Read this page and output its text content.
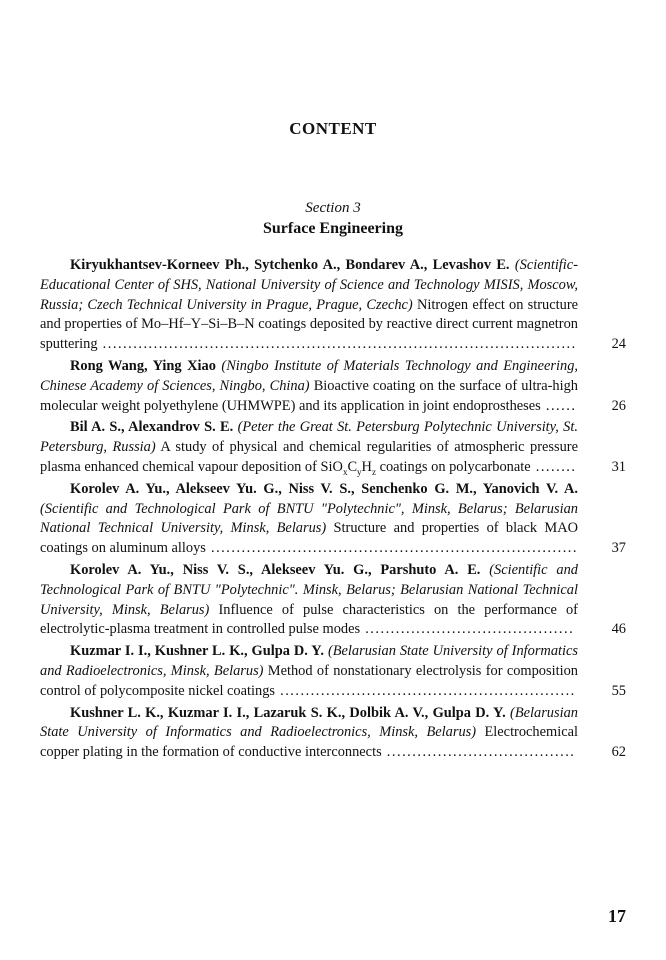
CONTENT
Section 3
Surface Engineering
Kiryukhantsev-Korneev Ph., Sytchenko A., Bondarev A., Levashov E. (Scientific-Educational Center of SHS, National University of Science and Technology MISIS, Moscow, Russia; Czech Technical University in Prague, Prague, Czechc) Nitrogen effect on structure and properties of Mo–Hf–Y–Si–B–N coatings deposited by reactive direct current magnetron sputtering ............................................................................................. 24
Rong Wang, Ying Xiao (Ningbo Institute of Materials Technology and Engineering, Chinese Academy of Sciences, Ningbo, China) Bioactive coating on the surface of ultra-high molecular weight polyethylene (UHMWPE) and its application in joint endoprostheses ...... 26
Bil A. S., Alexandrov S. E. (Peter the Great St. Petersburg Polytechnic University, St. Petersburg, Russia) A study of physical and chemical regularities of atmospheric pressure plasma enhanced chemical vapour deposition of $SiO_xC_yH_z$ coatings on polycarbonate ........ 31
Korolev A. Yu., Alekseev Yu. G., Niss V. S., Senchenko G. M., Yanovich V. A. (Scientific and Technological Park of BNTU "Polytechnic", Minsk, Belarus; Belarusian National Technical University, Minsk, Belarus) Structure and properties of black MAO coatings on aluminum alloys ........................................................................ 37
Korolev A. Yu., Niss V. S., Alekseev Yu. G., Parshuto A. E. (Scientific and Technological Park of BNTU "Polytechnic". Minsk, Belarus; Belarusian National Technical University, Minsk, Belarus) Influence of pulse characteristics on the performance of electrolytic-plasma treatment in controlled pulse modes .........................................	46
Kuzmar I. I., Kushner L. K., Gulpa D. Y. (Belarusian State University of Informatics and Radioelectronics, Minsk, Belarus) Method of nonstationary electrolysis for composition control of polycomposite nickel coatings .......................................................... 55
Kushner L. K., Kuzmar I. I., Lazaruk S. K., Dolbik A. V., Gulpa D. Y. (Belarusian State University of Informatics and Radioelectronics, Minsk, Belarus) Electrochemical copper plating in the formation of conductive interconnects .....................................	62
17
